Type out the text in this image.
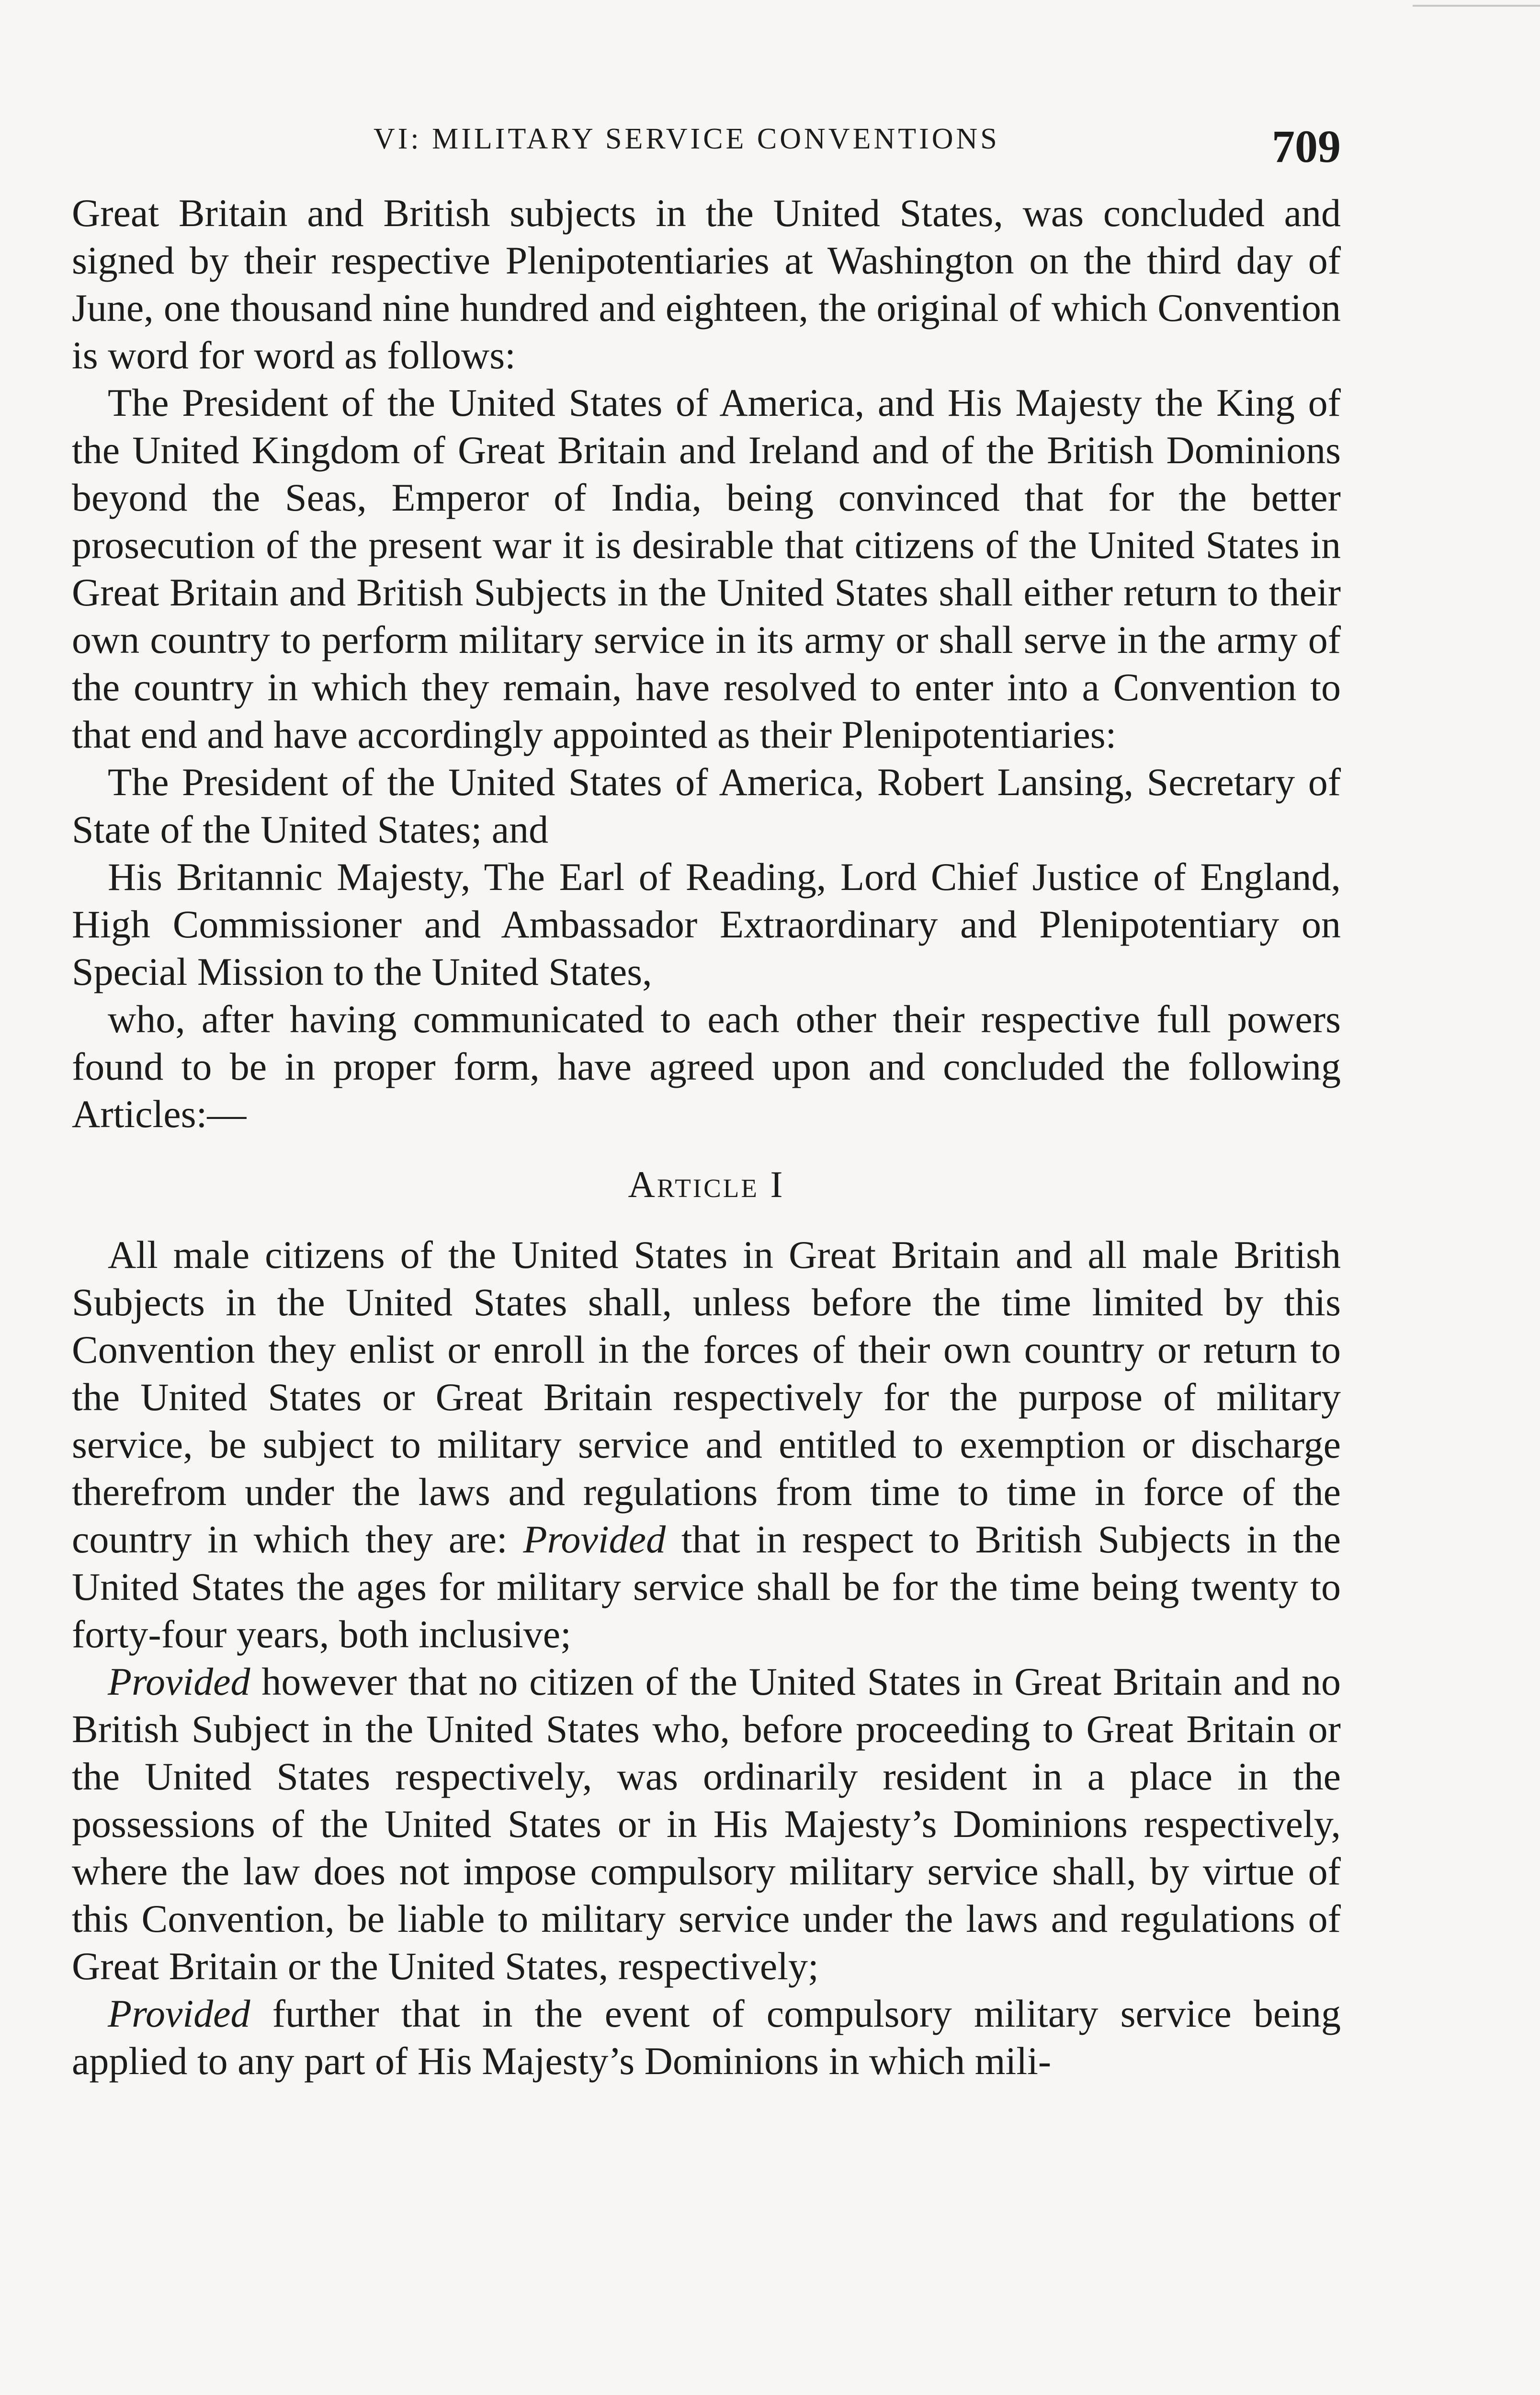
VI: MILITARY SERVICE CONVENTIONS	709

Great Britain and British subjects in the United States, was concluded and signed by their respective Plenipotentiaries at Washington on the third day of June, one thousand nine hundred and eighteen, the original of which Convention is word for word as follows:

The President of the United States of America, and His Majesty the King of the United Kingdom of Great Britain and Ireland and of the British Dominions beyond the Seas, Emperor of India, being convinced that for the better prosecution of the present war it is desirable that citizens of the United States in Great Britain and British Subjects in the United States shall either return to their own country to perform military service in its army or shall serve in the army of the country in which they remain, have resolved to enter into a Convention to that end and have accordingly appointed as their Plenipotentiaries:

The President of the United States of America, Robert Lansing, Secretary of State of the United States; and

His Britannic Majesty, The Earl of Reading, Lord Chief Justice of England, High Commissioner and Ambassador Extraordinary and Plenipotentiary on Special Mission to the United States,

who, after having communicated to each other their respective full powers found to be in proper form, have agreed upon and concluded the following Articles:—

Article I

All male citizens of the United States in Great Britain and all male British Subjects in the United States shall, unless before the time limited by this Convention they enlist or enroll in the forces of their own country or return to the United States or Great Britain respectively for the purpose of military service, be subject to military service and entitled to exemption or discharge therefrom under the laws and regulations from time to time in force of the country in which they are: Provided that in respect to British Subjects in the United States the ages for military service shall be for the time being twenty to forty-four years, both inclusive;

Provided however that no citizen of the United States in Great Britain and no British Subject in the United States who, before proceeding to Great Britain or the United States respectively, was ordinarily resident in a place in the possessions of the United States or in His Majesty’s Dominions respectively, where the law does not impose compulsory military service shall, by virtue of this Convention, be liable to military service under the laws and regulations of Great Britain or the United States, respectively;

Provided further that in the event of compulsory military service being applied to any part of His Majesty’s Dominions in which mili-
